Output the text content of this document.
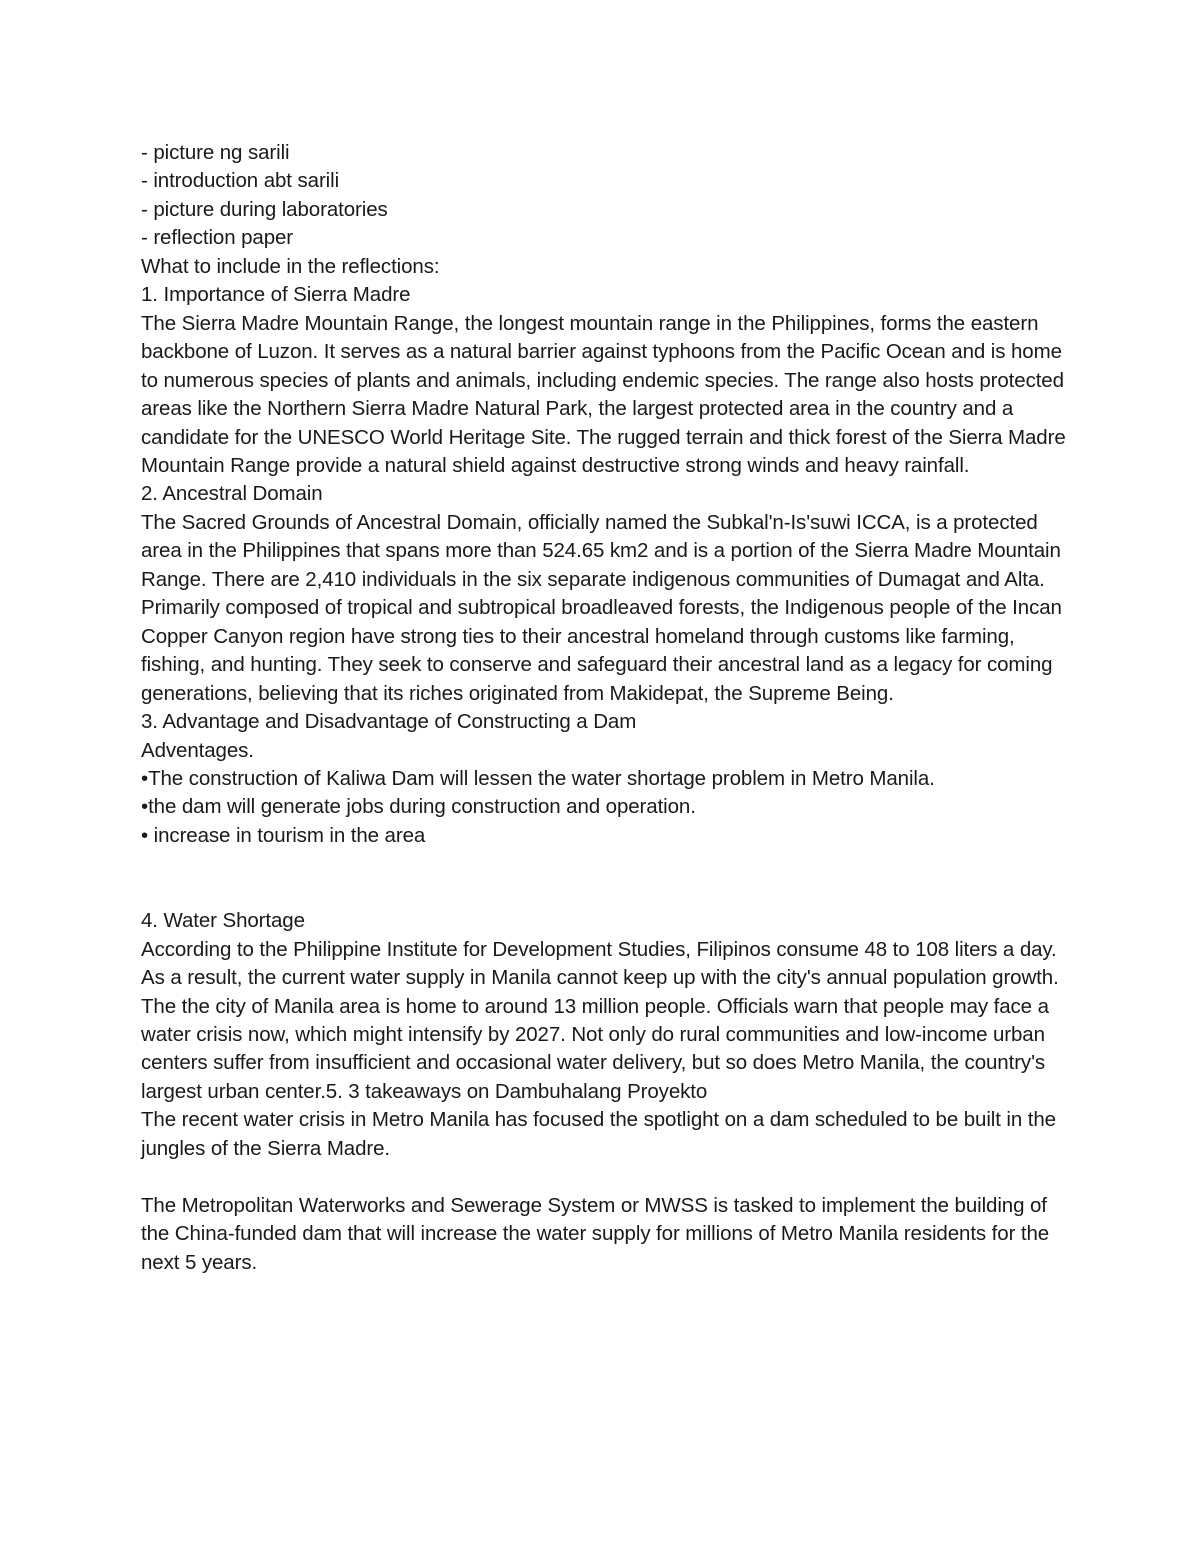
- picture ng sarili
- introduction abt sarili
- picture during laboratories
- reflection paper
What to include in the reflections:
1. Importance of Sierra Madre
The Sierra Madre Mountain Range, the longest mountain range in the Philippines, forms the eastern backbone of Luzon. It serves as a natural barrier against typhoons from the Pacific Ocean and is home to numerous species of plants and animals, including endemic species. The range also hosts protected areas like the Northern Sierra Madre Natural Park, the largest protected area in the country and a candidate for the UNESCO World Heritage Site. The rugged terrain and thick forest of the Sierra Madre Mountain Range provide a natural shield against destructive strong winds and heavy rainfall.
2. Ancestral Domain
The Sacred Grounds of Ancestral Domain, officially named the Subkal'n-Is'suwi ICCA, is a protected area in the Philippines that spans more than 524.65 km2 and is a portion of the Sierra Madre Mountain Range. There are 2,410 individuals in the six separate indigenous communities of Dumagat and Alta. Primarily composed of tropical and subtropical broadleaved forests, the Indigenous people of the Incan Copper Canyon region have strong ties to their ancestral homeland through customs like farming, fishing, and hunting. They seek to conserve and safeguard their ancestral land as a legacy for coming generations, believing that its riches originated from Makidepat, the Supreme Being.
3. Advantage and Disadvantage of Constructing a Dam
Adventages.
•The construction of Kaliwa Dam will lessen the water shortage problem in Metro Manila.
•the dam will generate jobs during construction and operation.
• increase in tourism in the area
4. Water Shortage
According to the Philippine Institute for Development Studies, Filipinos consume 48 to 108 liters a day. As a result, the current water supply in Manila cannot keep up with the city's annual population growth. The the city of Manila area is home to around 13 million people. Officials warn that people may face a water crisis now, which might intensify by 2027. Not only do rural communities and low-income urban centers suffer from insufficient and occasional water delivery, but so does Metro Manila, the country's largest urban center.5. 3 takeaways on Dambuhalang Proyekto
The recent water crisis in Metro Manila has focused the spotlight on a dam scheduled to be built in the jungles of the Sierra Madre.
The Metropolitan Waterworks and Sewerage System or MWSS is tasked to implement the building of the China-funded dam that will increase the water supply for millions of Metro Manila residents for the next 5 years.
